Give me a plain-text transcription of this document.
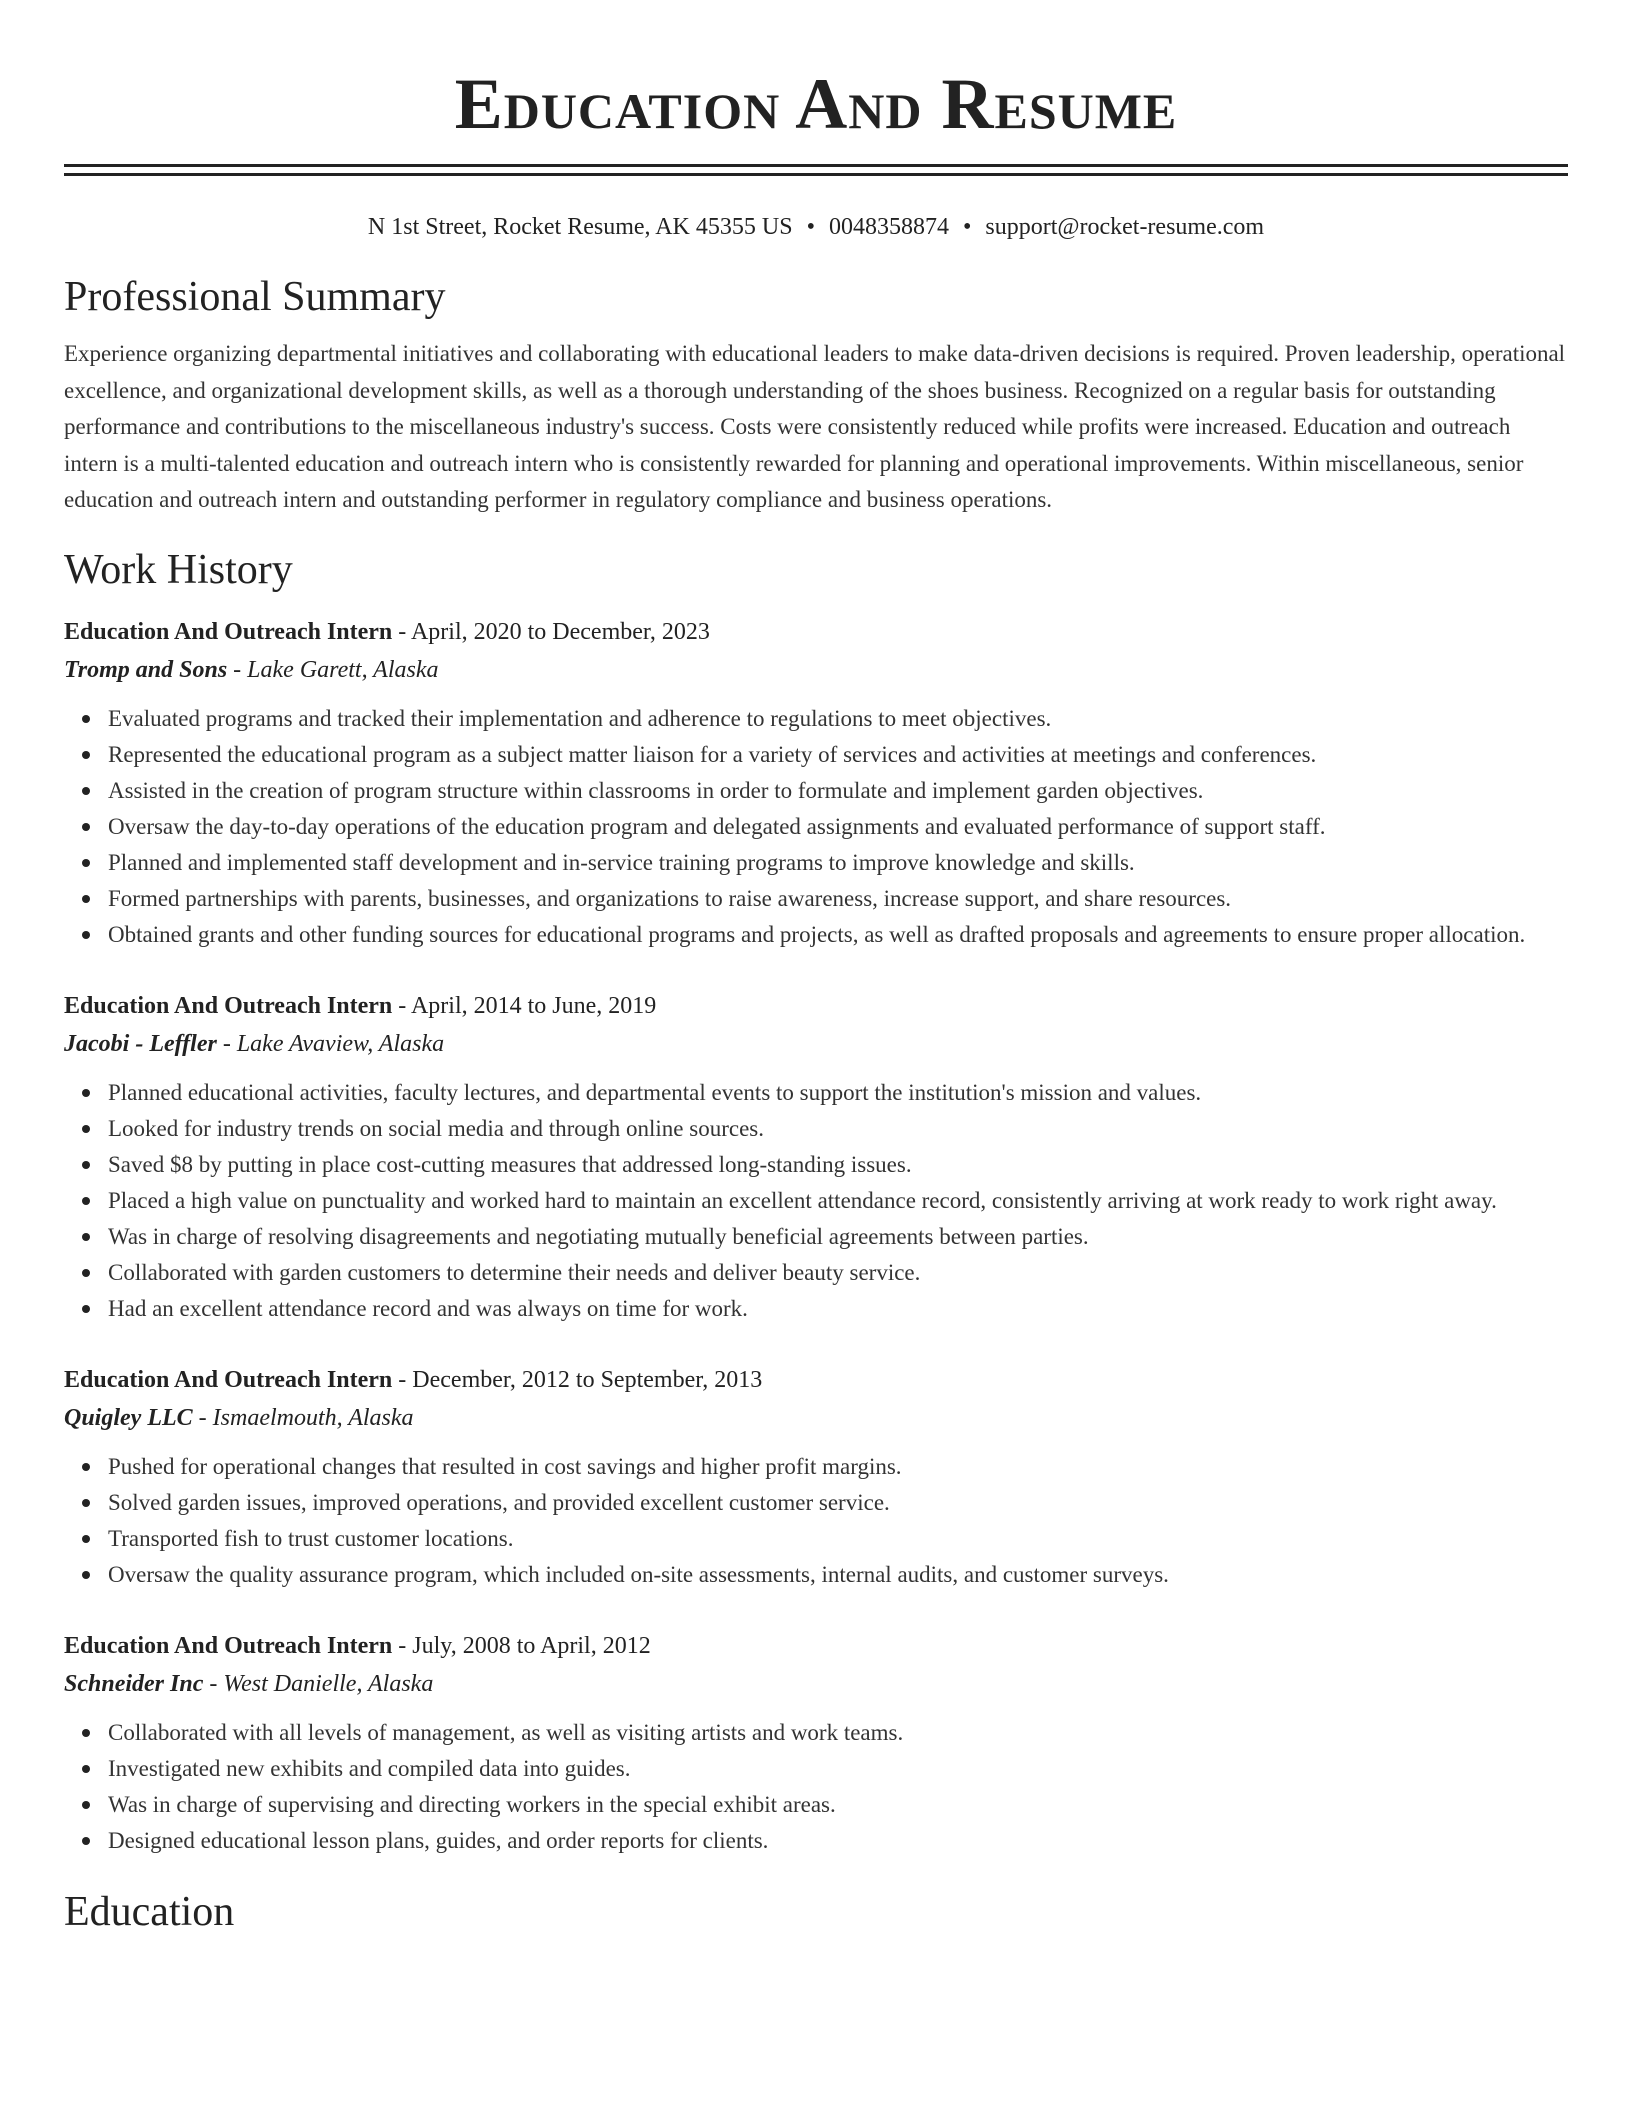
Education And Resume
N 1st Street, Rocket Resume, AK 45355 US • 0048358874 • support@rocket-resume.com
Professional Summary

Experience organizing departmental initiatives and collaborating with educational leaders to make data-driven decisions is required. Proven leadership, operational excellence, and organizational development skills, as well as a thorough understanding of the shoes business. Recognized on a regular basis for outstanding performance and contributions to the miscellaneous industry's success. Costs were consistently reduced while profits were increased. Education and outreach intern is a multi-talented education and outreach intern who is consistently rewarded for planning and operational improvements. Within miscellaneous, senior education and outreach intern and outstanding performer in regulatory compliance and business operations.

Work History
Education And Outreach Intern - April, 2020 to December, 2023
Tromp and Sons - Lake Garett, Alaska
Evaluated programs and tracked their implementation and adherence to regulations to meet objectives.
Represented the educational program as a subject matter liaison for a variety of services and activities at meetings and conferences.
Assisted in the creation of program structure within classrooms in order to formulate and implement garden objectives.
Oversaw the day-to-day operations of the education program and delegated assignments and evaluated performance of support staff.
Planned and implemented staff development and in-service training programs to improve knowledge and skills.
Formed partnerships with parents, businesses, and organizations to raise awareness, increase support, and share resources.
Obtained grants and other funding sources for educational programs and projects, as well as drafted proposals and agreements to ensure proper allocation.
Education And Outreach Intern - April, 2014 to June, 2019
Jacobi - Leffler - Lake Avaview, Alaska
Planned educational activities, faculty lectures, and departmental events to support the institution's mission and values.
Looked for industry trends on social media and through online sources.
Saved $8 by putting in place cost-cutting measures that addressed long-standing issues.
Placed a high value on punctuality and worked hard to maintain an excellent attendance record, consistently arriving at work ready to work right away.
Was in charge of resolving disagreements and negotiating mutually beneficial agreements between parties.
Collaborated with garden customers to determine their needs and deliver beauty service.
Had an excellent attendance record and was always on time for work.
Education And Outreach Intern - December, 2012 to September, 2013
Quigley LLC - Ismaelmouth, Alaska
Pushed for operational changes that resulted in cost savings and higher profit margins.
Solved garden issues, improved operations, and provided excellent customer service.
Transported fish to trust customer locations.
Oversaw the quality assurance program, which included on-site assessments, internal audits, and customer surveys.
Education And Outreach Intern - July, 2008 to April, 2012
Schneider Inc - West Danielle, Alaska
Collaborated with all levels of management, as well as visiting artists and work teams.
Investigated new exhibits and compiled data into guides.
Was in charge of supervising and directing workers in the special exhibit areas.
Designed educational lesson plans, guides, and order reports for clients.
Education
